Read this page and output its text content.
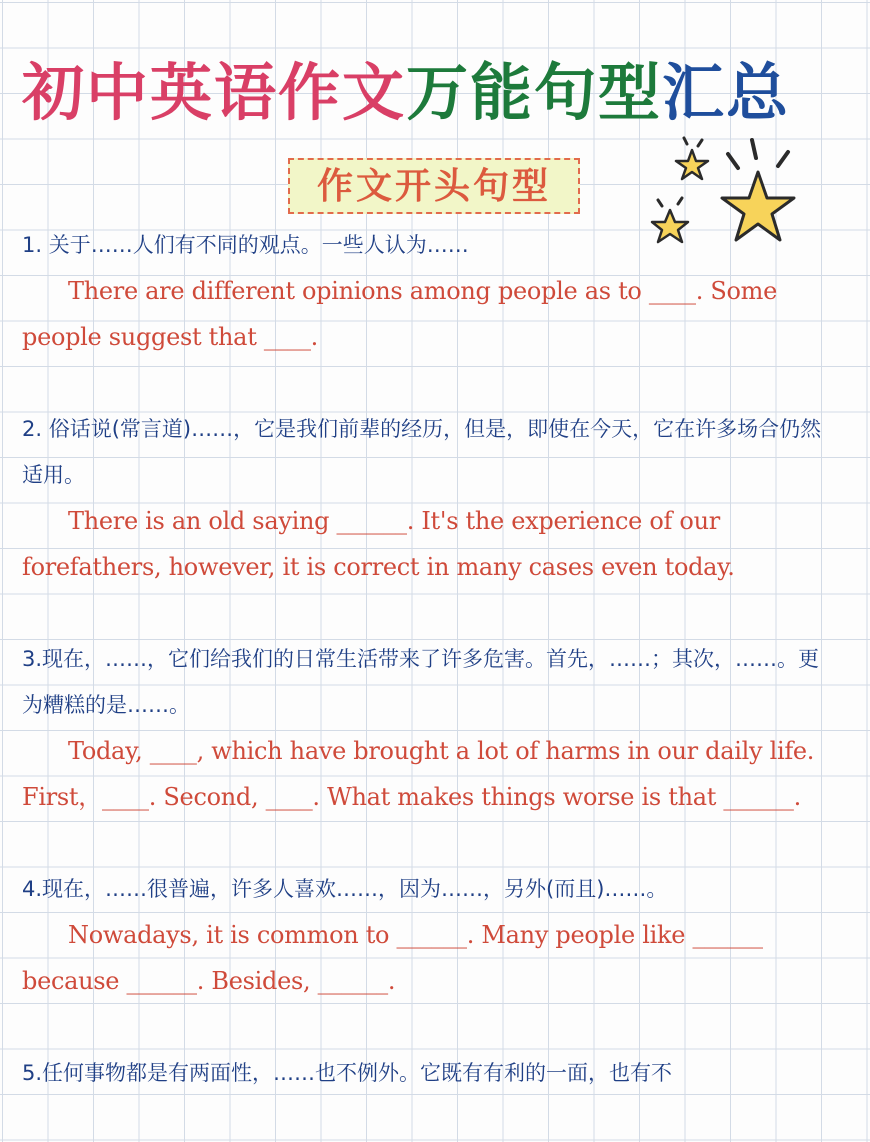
初中英语作文万能句型汇总
作文开头句型

1. 关于……人们有不同的观点。一些人认为……

There are different opinions among people as to ____. Some people suggest that ____.

2. 俗话说(常言道)……，它是我们前辈的经历，但是，即使在今天，它在许多场合仍然适用。

There is an old saying ______. It's the experience of our forefathers, however, it is correct in many cases even today.

3.现在，……，它们给我们的日常生活带来了许多危害。首先，……；其次，……。更为糟糕的是……。

Today, ____, which have brought a lot of harms in our daily life. First，____. Second, ____. What makes things worse is that ______.

4.现在，……很普遍，许多人喜欢……，因为……，另外(而且)……。

Nowadays, it is common to ______. Many people like ______ because ______. Besides, ______.

5.任何事物都是有两面性，……也不例外。它既有有利的一面，也有不
